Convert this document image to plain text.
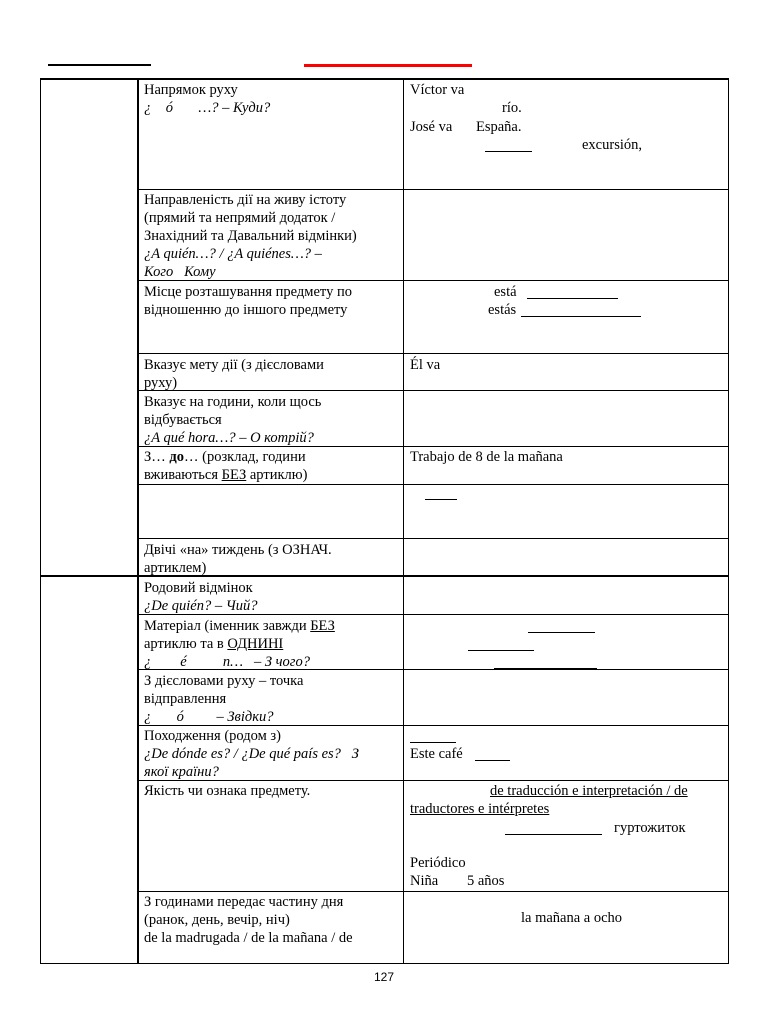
Напрямок руху
¿    ó       …? – Куди?
Víctor va
río.
José va España.
excursión,
Направленість дії на живу істоту
(прямий та непрямий додаток /
Знахідний та Давальний відмінки)
¿A quién…? / ¿A quiénes…? –
Кого   Кому
Місце розташування предмету по
відношенню до іншого предмету
está
estás
Вказує мету дії (з дієсловами
руху)
Él va
Вказує на години, коли щось
відбувається
¿A qué hora…? – О котрій?
З… до… (розклад, години
вживаються БЕЗ артиклю)
Trabajo de 8 de la mañana
Двічі «на» тиждень (з ОЗНАЧ.
артиклем)
Родовий відмінок
¿De quién? – Чий?
Матеріал (іменник завжди БЕЗ
артиклю та в ОДНИНІ
¿        é          n…   – З чого?
З дієсловами руху – точка
відправлення
¿       ó         – Звідки?
Походження (родом з)
¿De dónde es? / ¿De qué país es?   З
якої країни?
Este café
Якість чи ознака предмету.	de traducción e interpretación / de
traductores e intérpretes
гуртожиток
Periódico
Niña 5 años
З годинами передає частину дня
(ранок, день, вечір, ніч)
de la madrugada / de la mañana / de
la mañana a ocho
127
